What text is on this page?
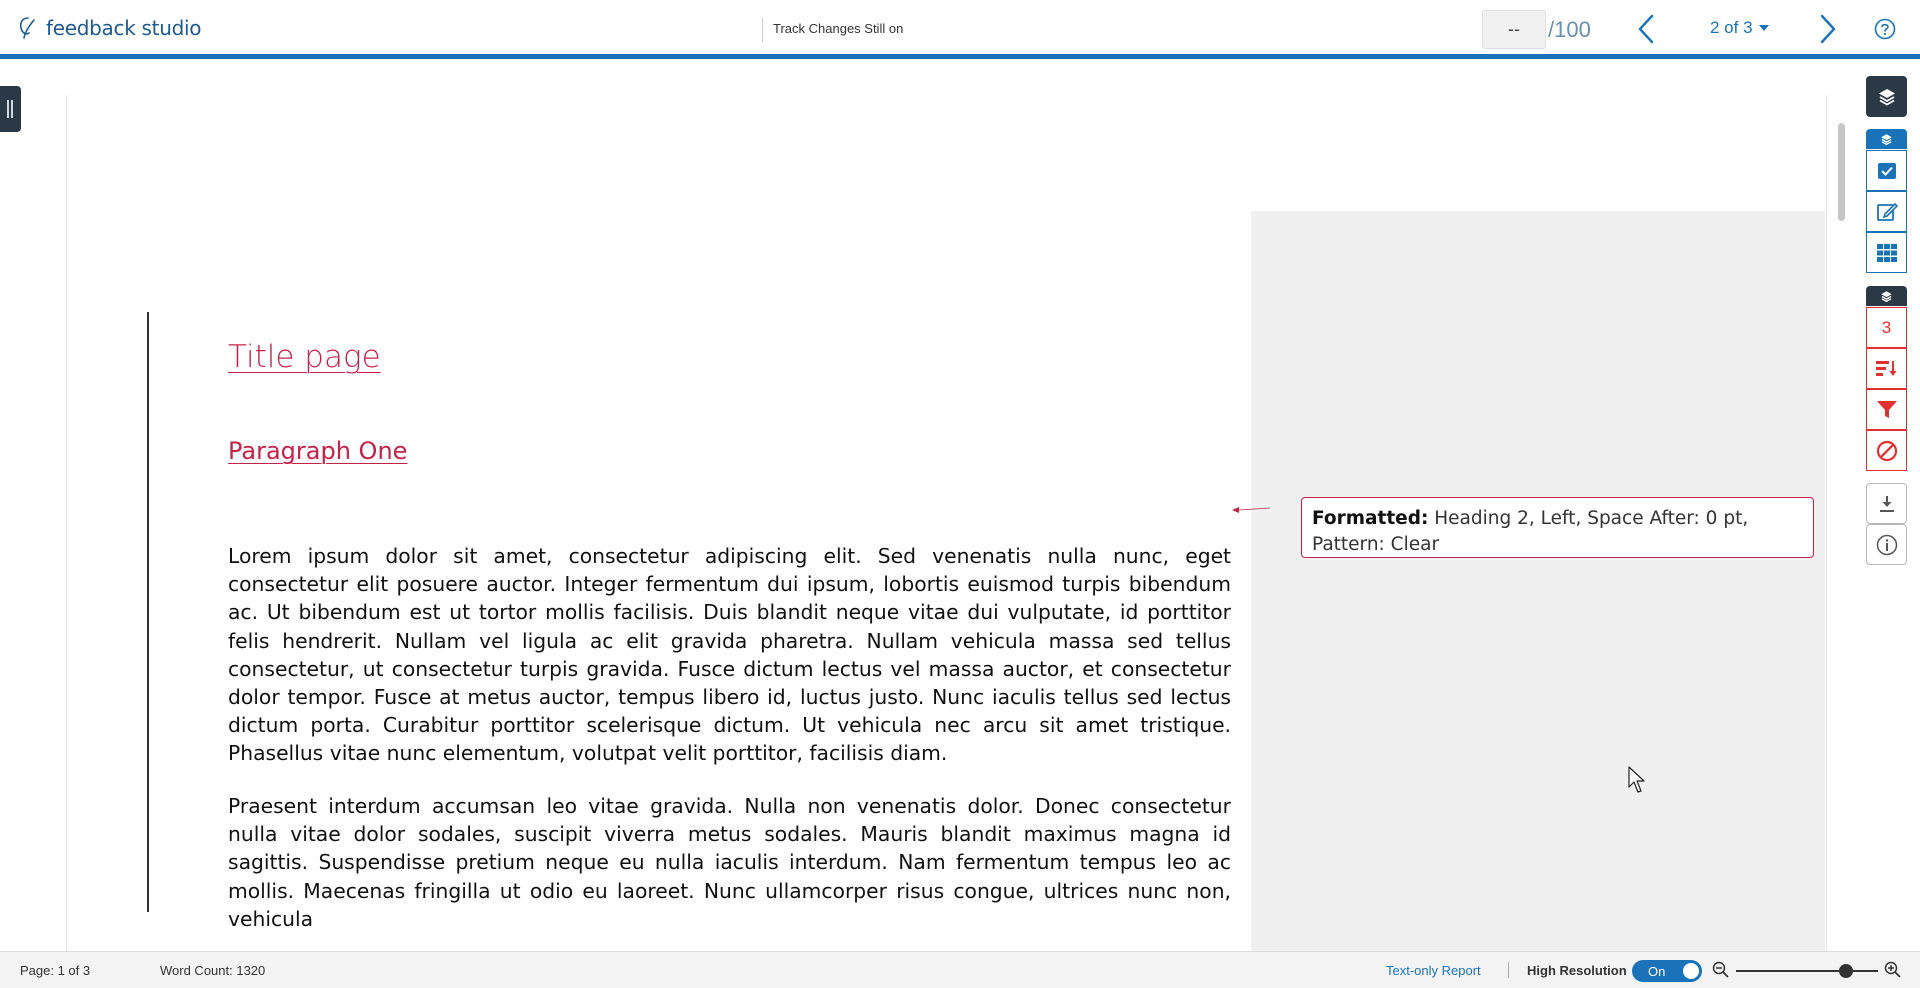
feedback studio	Track Changes Still on	--	/100	2 of 3
Title page
Paragraph One
Lorem ipsum dolor sit amet, consectetur adipiscing elit. Sed venenatis nulla nunc, eget consectetur elit posuere auctor. Integer fermentum dui ipsum, lobortis euismod turpis bibendum ac. Ut bibendum est ut tortor mollis facilisis. Duis blandit neque vitae dui vulputate, id porttitor felis hendrerit. Nullam vel ligula ac elit gravida pharetra. Nullam vehicula massa sed tellus consectetur, ut consectetur turpis gravida. Fusce dictum lectus vel massa auctor, et consectetur dolor tempor. Fusce at metus auctor, tempus libero id, luctus justo. Nunc iaculis tellus sed lectus dictum porta. Curabitur porttitor scelerisque dictum. Ut vehicula nec arcu sit amet tristique. Phasellus vitae nunc elementum, volutpat velit porttitor, facilisis diam.
Praesent interdum accumsan leo vitae gravida. Nulla non venenatis dolor. Donec consectetur nulla vitae dolor sodales, suscipit viverra metus sodales. Mauris blandit maximus magna id sagittis. Suspendisse pretium neque eu nulla iaculis interdum. Nam fermentum tempus leo ac mollis. Maecenas fringilla ut odio eu laoreet. Nunc ullamcorper risus congue, ultrices nunc non, vehicula
Formatted: Heading 2, Left, Space After: 0 pt, Pattern: Clear
3
Page: 1 of 3	Word Count: 1320	Text-only Report	High Resolution On
